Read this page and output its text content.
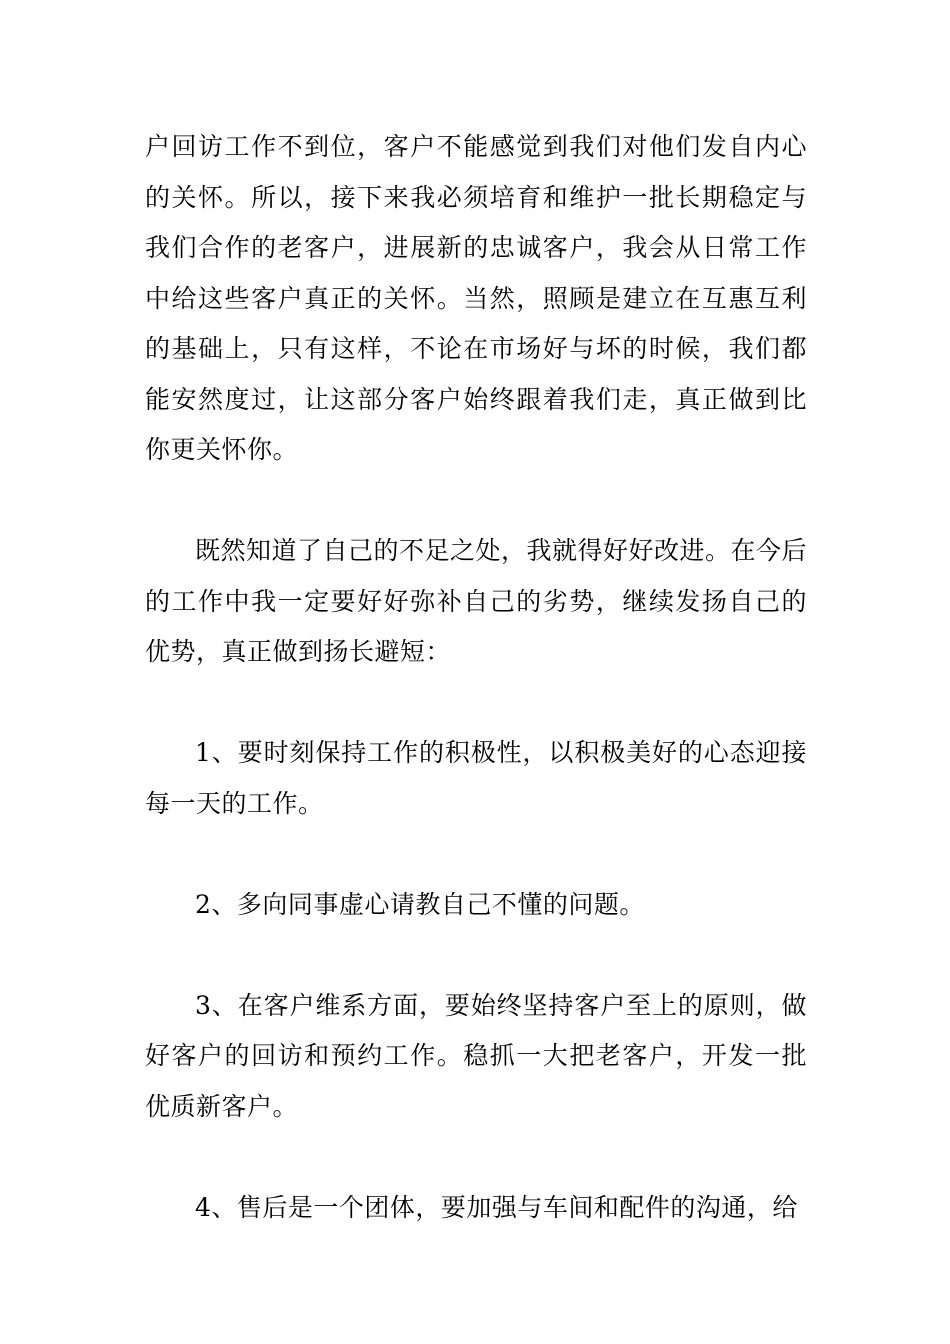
户回访工作不到位，客户不能感觉到我们对他们发自内心的关怀。所以，接下来我必须培育和维护一批长期稳定与我们合作的老客户，进展新的忠诚客户，我会从日常工作中给这些客户真正的关怀。当然，照顾是建立在互惠互利的基础上，只有这样，不论在市场好与坏的时候，我们都能安然度过，让这部分客户始终跟着我们走，真正做到比你更关怀你。

既然知道了自己的不足之处，我就得好好改进。在今后的工作中我一定要好好弥补自己的劣势，继续发扬自己的优势，真正做到扬长避短：

1、要时刻保持工作的积极性，以积极美好的心态迎接每一天的工作。

2、多向同事虚心请教自己不懂的问题。

3、在客户维系方面，要始终坚持客户至上的原则，做好客户的回访和预约工作。稳抓一大把老客户，开发一批优质新客户。

4、售后是一个团体，要加强与车间和配件的沟通，给
